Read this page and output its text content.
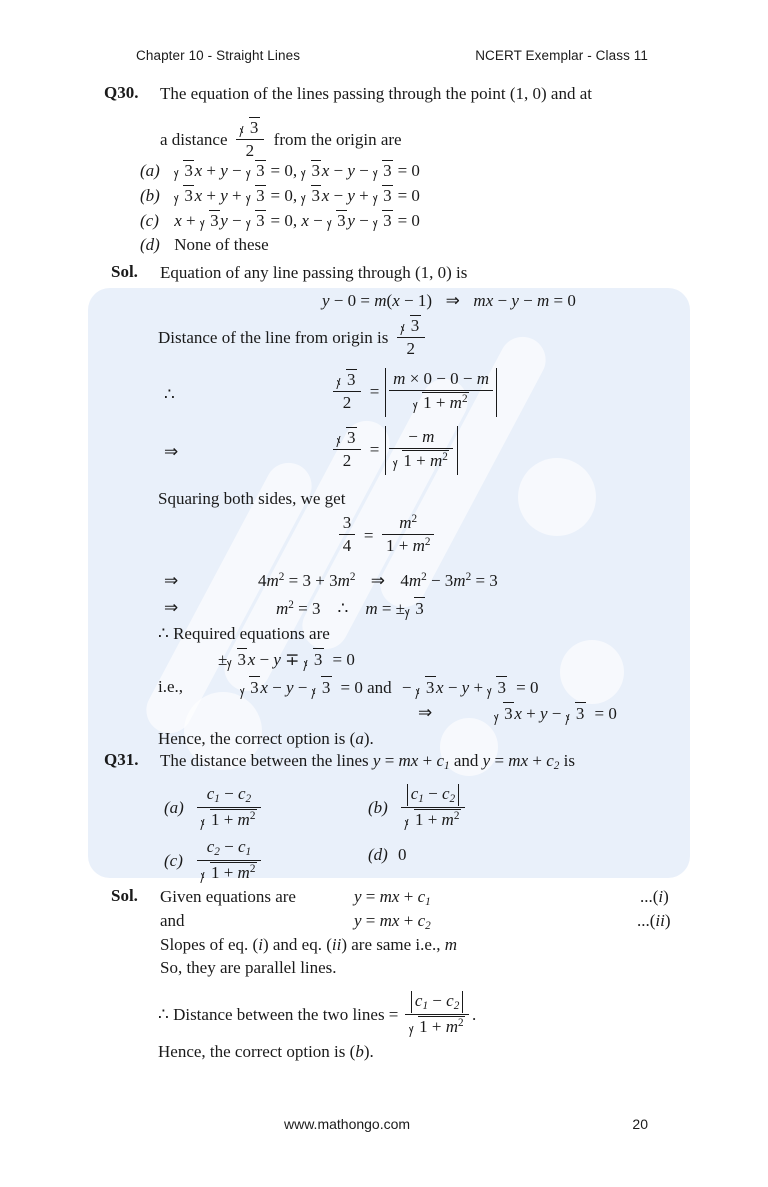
Chapter 10 - Straight Lines	NCERT Exemplar - Class 11
Q30. The equation of the lines passing through the point (1, 0) and at
a distance $\frac{3}{2}$ from the origin are
(a) 3x + y − 3 = 0, 3x − y − 3 = 0
(b) 3x + y + 3 = 0, 3x − y + 3 = 0
(c) x + 3y − 3 = 0, x − 3y − 3 = 0
(d) None of these
Sol. Equation of any line passing through (1, 0) is
y − 0 = m(x − 1) ⇒ mx − y − m = 0
Distance of the line from origin is $\frac{3}{2}$
∴	$\frac{3}{2} = \frac{m \times 0 - 0 - m}{1 + m^2}$
⇒	$\frac{3}{2} = \frac{- m}{1 + m^2}$
Squaring both sides, we get
$\frac{3}{4} = \frac{m^2}{1 + m^2}$
⇒	$4m^2 = 3 + 3m^2$ ⇒ $4m^2 - 3m^2 = 3$
⇒	$m^2 = 3$ ∴ m = ± 3
∴ Required equations are
± 3x − y ∓ 3  = 0
i.e.,	3x − y − 3  = 0 and − 3x − y + 3  = 0
⇒	3x + y − 3  = 0
Hence, the correct option is (a).
Q31. The distance between the lines y = mx + $c_1$ and y = mx + $c_2$ is
$(a) \frac{c_1 - c_2}{1 + m^2}$	$(b) \frac{c_1 - c_2}{1 + m^2}$
$(c) \frac{c_2 - c_1}{1 + m^2}$	(d) 0
Sol. Given equations are	y = mx + $c_1$	...(i)
and	y = mx + $c_2$	...(ii)
Slopes of eq. (i) and eq. (ii) are same i.e., m
So, they are parallel lines.
∴ Distance between the two lines = $\frac{c_1 - c_2}{1 + m^2}$ .
Hence, the correct option is (b).
www.mathongo.com	20
